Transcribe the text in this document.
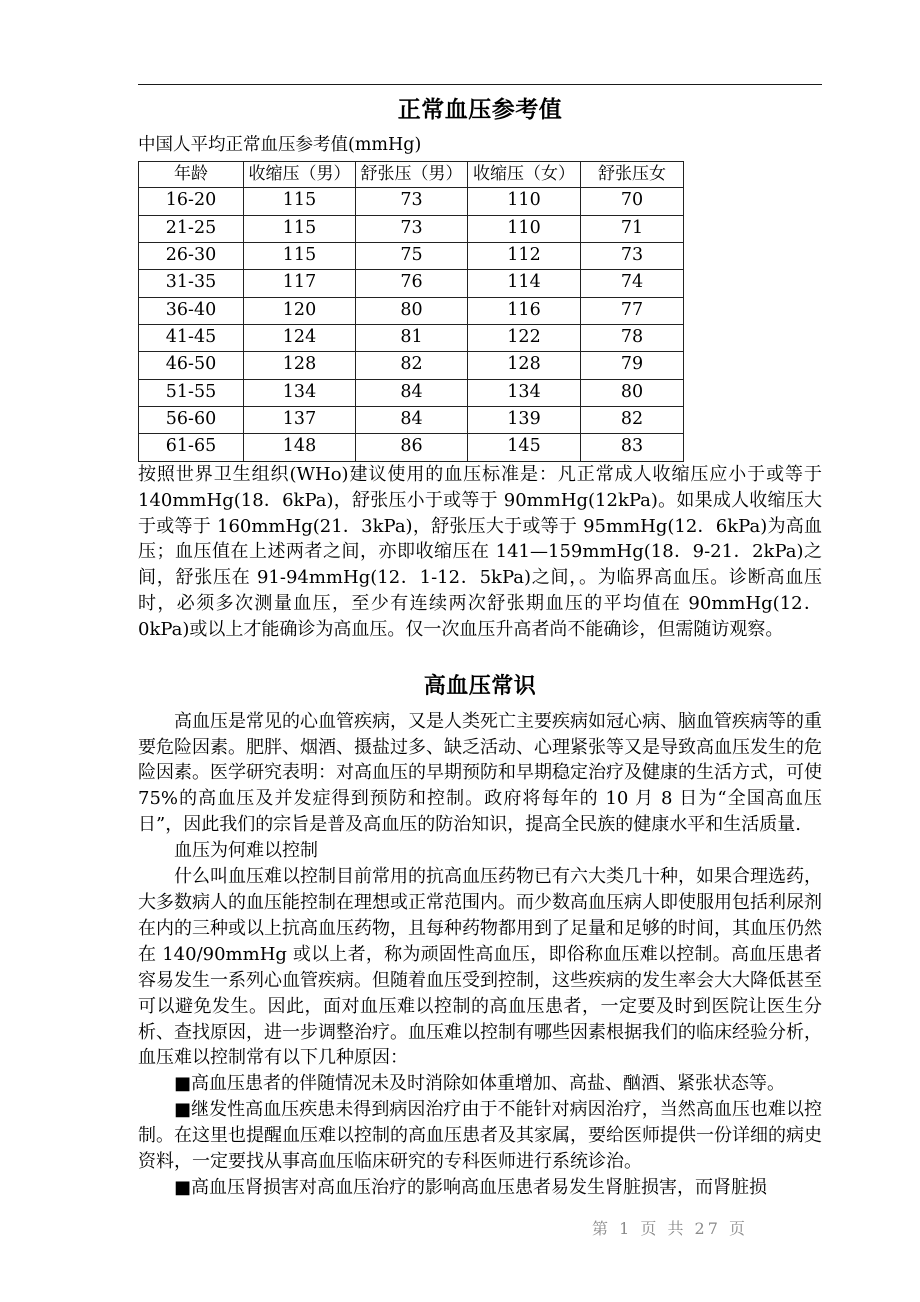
正常血压参考值
中国人平均正常血压参考值(mmHg)
年龄	收缩压（男）	舒张压（男）	收缩压（女）	舒张压女
16-20	115	73	110	70
21-25	115	73	110	71
26-30	115	75	112	73
31-35	117	76	114	74
36-40	120	80	116	77
41-45	124	81	122	78
46-50	128	82	128	79
51-55	134	84	134	80
56-60	137	84	139	82
61-65	148	86	145	83

按照世界卫生组织(WHo)建议使用的血压标准是：凡正常成人收缩压应小于或等于 140mmHg(18．6kPa)，舒张压小于或等于 90mmHg(12kPa)。如果成人收缩压大于或等于 160mmHg(21．3kPa)，舒张压大于或等于 95mmHg(12．6kPa)为高血压；血压值在上述两者之间，亦即收缩压在 141—159mmHg(18．9-21．2kPa)之间，舒张压在 91-94mmHg(12．1-12．5kPa)之间，。为临界高血压。诊断高血压时，必须多次测量血压，至少有连续两次舒张期血压的平均值在 90mmHg(12．0kPa)或以上才能确诊为高血压。仅一次血压升高者尚不能确诊，但需随访观察。

高血压常识

高血压是常见的心血管疾病，又是人类死亡主要疾病如冠心病、脑血管疾病等的重要危险因素。肥胖、烟酒、摄盐过多、缺乏活动、心理紧张等又是导致高血压发生的危险因素。医学研究表明：对高血压的早期预防和早期稳定治疗及健康的生活方式，可使 75%的高血压及并发症得到预防和控制。政府将每年的 10 月 8 日为“全国高血压日”，因此我们的宗旨是普及高血压的防治知识，提高全民族的健康水平和生活质量.

血压为何难以控制

什么叫血压难以控制目前常用的抗高血压药物已有六大类几十种，如果合理选药，大多数病人的血压能控制在理想或正常范围内。而少数高血压病人即使服用包括利尿剂在内的三种或以上抗高血压药物，且每种药物都用到了足量和足够的时间，其血压仍然在 140/90mmHg 或以上者，称为顽固性高血压，即俗称血压难以控制。高血压患者容易发生一系列心血管疾病。但随着血压受到控制，这些疾病的发生率会大大降低甚至可以避免发生。因此，面对血压难以控制的高血压患者，一定要及时到医院让医生分析、查找原因，进一步调整治疗。血压难以控制有哪些因素根据我们的临床经验分析，血压难以控制常有以下几种原因：

■高血压患者的伴随情况未及时消除如体重增加、高盐、酗酒、紧张状态等。

■继发性高血压疾患未得到病因治疗由于不能针对病因治疗，当然高血压也难以控制。在这里也提醒血压难以控制的高血压患者及其家属，要给医师提供一份详细的病史资料，一定要找从事高血压临床研究的专科医师进行系统诊治。

■高血压肾损害对高血压治疗的影响高血压患者易发生肾脏损害，而肾脏损

第 1 页 共 27 页
